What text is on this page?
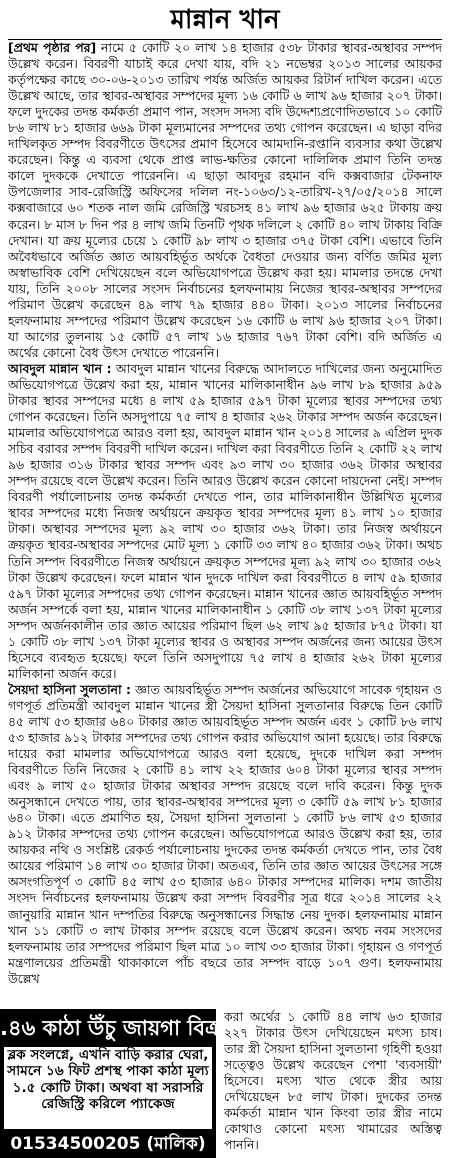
মান্নান খান

[প্রথম পৃষ্ঠার পর] নামে ৫ কোটি ২০ লাখ ১৪ হাজার ৫৩৮ টাকার স্থাবর-অস্থাবর সম্পদ উল্লেখ করেন। বিবরণী যাচাই করে দেখা যায়, বদি ২১ নভেম্বর ২০১৩ সালের আয়কর কর্তৃপক্ষের কাছে ৩০-০৬-২০১৩ তারিখ পর্যন্ত অর্জিত আয়কর রিটার্ন দাখিল করেন। এতে উল্লেখ আছে, তার স্থাবর-অস্থাবর সম্পদের মূল্য ১৬ কোটি ৬ লাখ ৯৬ হাজার ২০৭ টাকা। ফলে দুদকের তদন্ত কর্মকর্তা প্রমাণ পান, সংসদ সদস্য বদি উদ্দেশ্যপ্রণোদিতভাবে ১০ কোটি ৮৬ লাখ ৮১ হাজার ৬৬৯ টাকা মূল্যমানের সম্পদের তথ্য গোপন করেছেন। এ ছাড়া বদির দাখিলকৃত সম্পদ বিবরণীতে উৎসের প্রমাণ হিসেবে আমদানি-রপ্তানি ব্যবসার কথা উল্লেখ করেছেন। কিন্তু এ ব্যবসা থেকে প্রাপ্ত লাভ-ক্ষতির কোনো দালিলিক প্রমাণ তিনি তদন্ত কালে দুদককে দেখাতে পারেননি। এ ছাড়া আবদুর রহমান বদি কক্সবাজার টেকনাফ উপজেলার সাব-রেজিস্ট্রি অফিসের দলিল নং-১০৬৩/১২-তারিখ-২৭/০৫/২০১৪ সালে কক্সবাজারে ৬০ শতক নাল জমি রেজিস্ট্রি খরচসহ ৪১ লাখ ৯৬ হাজার ৬২৫ টাকায় ক্রয় করেন। ৮ মাস ৮ দিন পর ৪ লাখ জমি তিনটি পৃথক দলিলে ২ কোটি ৪০ লাখ টাকায় বিক্রি দেখান। যা ক্রয় মূল্যের চেয়ে ১ কোটি ৯৮ লাখ ৩ হাজার ৩৭৫ টাকা বেশি। এভাবে তিনি অবৈধভাবে অর্জিত জ্ঞাত আয়বহির্ভূত অর্থকে বৈধতা দেওয়ার জন্য বর্ণিত জমির মূল্য অস্বাভাবিক বেশি দেখিয়েছেন বলে অভিযোগপত্রে উল্লেখ করা হয়। মামলার তদন্তে দেখা যায়, তিনি ২০০৮ সালের সংসদ নির্বাচনের হলফনামায় নিজের স্থাবর-অস্থাবর সম্পদের পরিমাণ উল্লেখ করেছেন ৪৯ লাখ ৭৯ হাজার ৪৪০ টাকা। ২০১৩ সালের নির্বাচনের হলফনামায় সম্পদের পরিমাণ উল্লেখ করেছেন ১৬ কোটি ৬ লাখ ৯৬ হাজার ২০৭ টাকা। যা আগের তুলনায় ১৫ কোটি ৫৭ লাখ ১৬ হাজার ৭৬৭ টাকা বেশি। বদি অর্জিত এ অর্থের কোনো বৈধ উৎস দেখাতে পারেননি।

আবদুল মান্নান খান : আবদুল মান্নান খানের বিরুদ্ধে আদালতে দাখিলের জন্য অনুমোদিত অভিযোগপত্রে উল্লেখ করা হয়, মান্নান খানের মালিকানাধীন ৯৬ লাখ ৮৯ হাজার ৯৫৯ টাকার স্থাবর সম্পদের মধ্যে ৪ লাখ ৫৯ হাজার ৫৯৭ টাকা মূল্যের স্থাবর সম্পদের তথ্য গোপন করেছেন। তিনি অসদুপায়ে ৭৫ লাখ ৪ হাজার ২৬২ টাকার সম্পদ অর্জন করেছেন। মামলার অভিযোগপত্রে আরও বলা হয়, আবদুল মান্নান খান ২০১৪ সালের ৯ এপ্রিল দুদক সচিব বরাবর সম্পদ বিবরণী দাখিল করেন। দাখিল করা বিবরণীতে তিনি ২ কোটি ২২ লাখ ৯৬ হাজার ৩১৬ টাকার স্থাবর সম্পদ এবং ৯৩ লাখ ৩০ হাজার ৩৬২ টাকার অস্থাবর সম্পদ রয়েছে বলে উল্লেখ করেন। তিনি আরও উল্লেখ করেন কোনো দায়দেনা নেই। সম্পদ বিবরণী পর্যালোচনায় তদন্ত কর্মকর্তা দেখতে পান, তার মালিকানাধীন উল্লিখিত মূল্যের স্থাবর সম্পদের মধ্যে নিজস্ব অর্থায়নে ক্রয়কৃত স্থাবর সম্পদের মূল্য ৪১ লাখ ১০ হাজার টাকা। অস্থাবর সম্পদের মূল্য ৯২ লাখ ৩০ হাজার ৩৬২ টাকা। তার নিজস্ব অর্থায়নে ক্রয়কৃত স্থাবর-অস্থাবর সম্পদের মোট মূল্য ১ কোটি ৩৩ লাখ ৪০ হাজার ৩৬২ টাকা। অথচ তিনি সম্পদ বিবরণীতে নিজস্ব অর্থায়নে ক্রয়কৃত সম্পদের মূল্য ৯২ লাখ ৩০ হাজার ৩৬২ টাকা উল্লেখ করেছেন। ফলে মান্নান খান দুদকে দাখিল করা বিবরণীতে ৪ লাখ ৫৯ হাজার ৫৯৭ টাকা মূল্যের সম্পদের তথ্য গোপন করেছেন। মান্নান খানের জ্ঞাত আয়বহির্ভূত সম্পদ অর্জন সম্পর্কে বলা হয়, মান্নান খানের মালিকানাধীন ১ কোটি ৩৮ লাখ ১৩৭ টাকা মূল্যের সম্পদ অর্জনকালীন তার জ্ঞাত আয়ের পরিমাণ ছিল ৬২ লাখ ৯৫ হাজার ৮৭৫ টাকা। যা ১ কোটি ৩৮ লাখ ১৩৭ টাকা মূল্যের স্থাবর ও অস্থাবর সম্পদ অর্জনের জন্য আয়ের উৎস হিসেবে ব্যবহৃত হয়েছে। ফলে তিনি অসদুপায়ে ৭৫ লাখ ৪ হাজার ২৬২ টাকা মূল্যের মালিকানা অর্জন করে।

সৈয়দা হাসিনা সুলতানা : জ্ঞাত আয়বহির্ভূত সম্পদ অর্জনের অভিযোগে সাবেক গৃহায়ন ও গণপূর্ত প্রতিমন্ত্রী আবদুল মান্নান খানের স্ত্রী সৈয়দা হাসিনা সুলতানার বিরুদ্ধে তিন কোটি ৪৫ লাখ ৫৩ হাজার ৬৪০ টাকার জ্ঞাত আয়বহির্ভূত সম্পদ অর্জন এবং ১ কোটি ৮৬ লাখ ৫৩ হাজার ৯১২ টাকার সম্পদের তথ্য গোপন করার অভিযোগ আনা হয়েছে। তার বিরুদ্ধে দায়ের করা মামলার অভিযোগপত্রে আরও বলা হয়েছে, দুদকে দাখিল করা সম্পদ বিবরণীতে তিনি নিজের ২ কোটি ৪১ লাখ ২২ হাজার ৬০৪ টাকা মূল্যের স্থাবর সম্পদ এবং ৯ লাখ ৫০ হাজার টাকার অস্থাবর সম্পদ রয়েছে বলে দাবি করেন। কিন্তু দুদক অনুসন্ধানে দেখতে পায়, তার স্থাবর-অস্থাবর সম্পদের মূল্য ৩ কোটি ৫৯ লাখ ৮১ হাজার ৬৪০ টাকা। এতে প্রমাণিত হয়, সৈয়দা হাসিনা সুলতানা ১ কোটি ৮৬ লাখ ৫৩ হাজার ৯১২ টাকার সম্পদের তথ্য গোপন করেছেন। অভিযোগপত্রে আরও উল্লেখ করা হয়, তার আয়কর নথি ও সংশ্লিষ্ট রেকর্ড পর্যালোচনায় দুদকের তদন্ত কর্মকর্তা দেখতে পান, তার বৈধ আয়ের পরিমাণ ১৪ লাখ ৩০ হাজার টাকা। অতএব, তিনি তার জ্ঞাত আয়ের উৎসের সঙ্গে অসংগতিপূর্ণ ৩ কোটি ৪৫ লাখ ৫৩ হাজার ৬৪০ টাকার সম্পদের মালিক। দশম জাতীয় সংসদ নির্বাচনের হলফনামায় উল্লেখ করা সম্পদ বিবরণীর সূত্র ধরে ২০১৪ সালের ২২ জানুয়ারি মান্নান খান দম্পতির বিরুদ্ধে অনুসন্ধানের সিদ্ধান্ত নেয় দুদক। হলফনামায় মান্নান খান ১১ কোটি ৩ লাখ টাকার সম্পদ রয়েছে বলে উল্লেখ করেন। অথচ নবম সংসদের হলফনামায় তার সম্পদের পরিমাণ ছিল মাত্র ১০ লাখ ৩৩ হাজার টাকা। গৃহায়ন ও গণপূর্ত মন্ত্রণালয়ের প্রতিমন্ত্রী থাকাকালে পাঁচ বছরে তার সম্পদ বাড়ে ১০৭ গুণ। হলফনামায় উল্লেখ

.৪৬ কাঠা উঁচু জায়গা বিক্রয় হইবে
ব্লক সংলগ্নে, এখনি বাড়ি করার ঘেরা, সামনে ১৬ ফিট প্রশস্থ পাকা কাঠা মূল্য ১.৫ কোটি টাকা। অথবা ষা সরাসরি রেজিস্ট্রি করিলে প্যাকেজ
01534500205 (মালিক)
করা অর্থের ১ কোটি ৪৪ লাখ ৬৩ হাজার ২২৭ টাকার উৎস দেখিয়েছেন মৎস্য চাষ। তার স্ত্রী সৈয়দা হাসিনা সুলতানা গৃহিণী হওয়া সত্ত্বেও উল্লেখ করেছেন পেশা 'ব্যবসায়ী' হিসেবে। মৎস্য খাত থেকে স্ত্রীর আয় দেখিয়েছেন ৮৫ লাখ টাকা। দুদকের তদন্ত কর্মকর্তা মান্নান খান কিংবা তার স্ত্রীর নামে কোথাও কোনো মৎস্য খামারের অস্তিত্ব পাননি।
